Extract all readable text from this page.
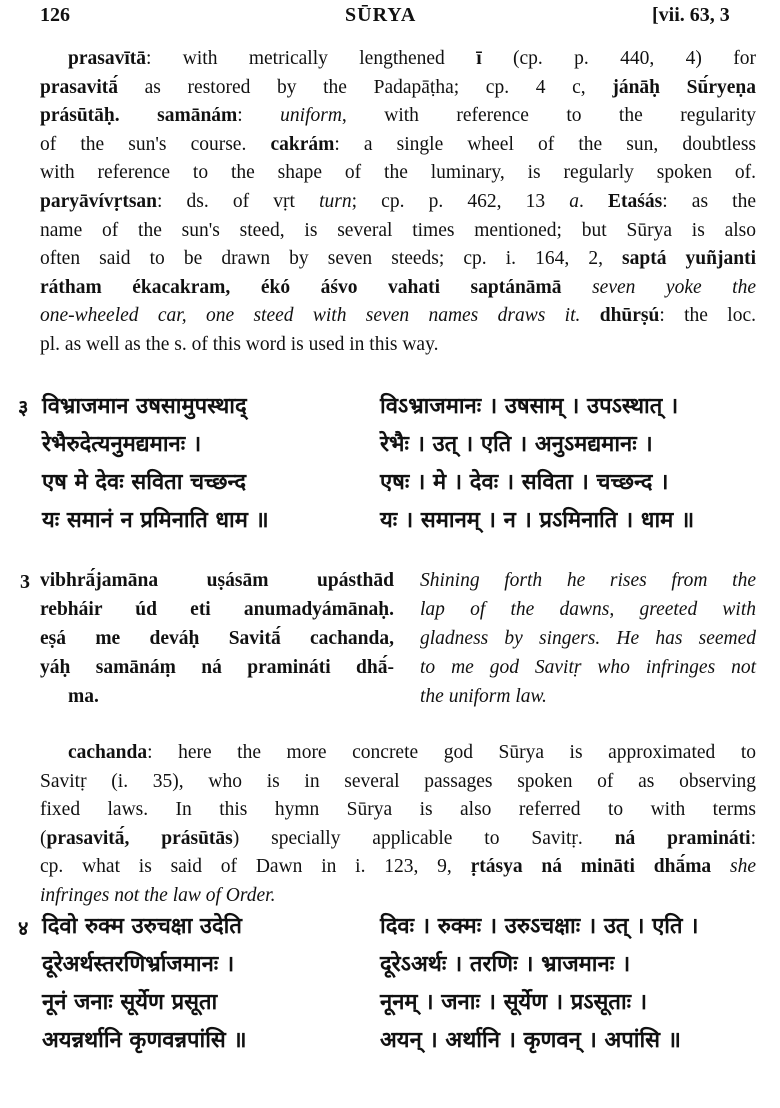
126	SŪRYA	[vii. 63, 3
prasavītā: with metrically lengthened ī (cp. p. 440, 4) for
prasavitā́ as restored by the Padapāṭha; cp. 4 c, jánāḥ Sū́ryeṇa
prásūtāḥ. samānám: uniform, with reference to the regularity
of the sun's course. cakrám: a single wheel of the sun, doubtless
with reference to the shape of the luminary, is regularly spoken of.
paryāvívṛtsan: ds. of vṛt turn; cp. p. 462, 13 a. Etaśás: as the
name of the sun's steed, is several times mentioned; but Sūrya is also
often said to be drawn by seven steeds; cp. i. 164, 2, saptá yuñjanti
rátham ékacakram, ékó áśvo vahati saptánāmā seven yoke the
one-wheeled car, one steed with seven names draws it. dhūrṣú: the loc.
pl. as well as the s. of this word is used in this way.
३ विभ्राजमान उषसामुपस्थाद्
रेभैरुदेत्यनुमद्यमानः ।
एष मे देवः सविता चच्छन्द
यः समानं न प्रमिनाति धाम ॥
विऽभ्राजमानः । उषसाम् । उपऽस्थात् ।
रेभैः । उत् । एति । अनुऽमद्यमानः ।
एषः । मे । देवः । सविता । चच्छन्द ।
यः । समानम् । न । प्रऽमिनाति । धाम ॥
3 vibhrā́jamāna uṣásām upásthād
rebháir úd eti anumadyámānaḥ.
eṣá me deváḥ Savitā́ cachanda,
yáḥ samānáṃ ná pramináti dhā́-
ma.
Shining forth he rises from the
lap of the dawns, greeted with
gladness by singers. He has seemed
to me god Savitṛ who infringes not
the uniform law.
cachanda: here the more concrete god Sūrya is approximated to
Savitṛ (i. 35), who is in several passages spoken of as observing
fixed laws. In this hymn Sūrya is also referred to with terms
(prasavitā́, prásūtās) specially applicable to Savitṛ. ná pramináti:
cp. what is said of Dawn in i. 123, 9, ṛtásya ná mināti dhā́ma she
infringes not the law of Order.
४ दिवो रुक्म उरुचक्षा उदेति
दूरेअर्थस्तरणिर्भ्राजमानः ।
नूनं जनाः सूर्येण प्रसूता
अयन्नर्थानि कृणवन्नपांसि ॥
दिवः । रुक्मः । उरुऽचक्षाः । उत् । एति ।
दूरेऽअर्थः । तरणिः । भ्राजमानः ।
नूनम् । जनाः । सूर्येण । प्रऽसूताः ।
अयन् । अर्थानि । कृणवन् । अपांसि ॥
